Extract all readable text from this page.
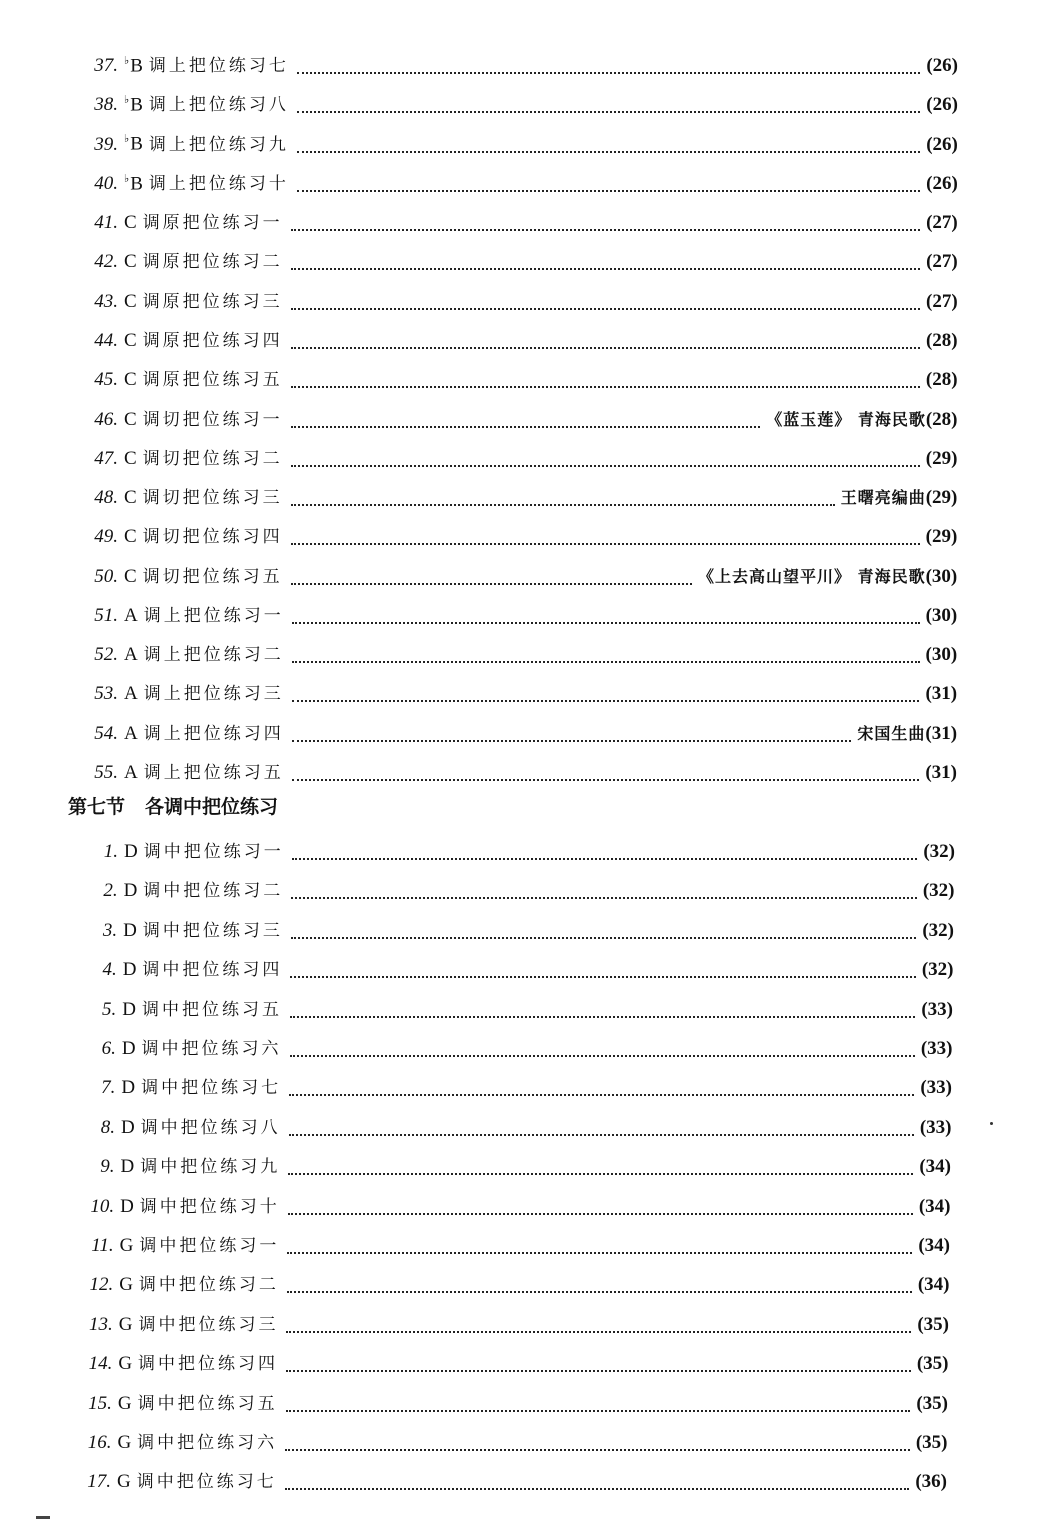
37. ♭B 调上把位练习七	(26)
38. ♭B 调上把位练习八	(26)
39. ♭B 调上把位练习九	(26)
40. ♭B 调上把位练习十	(26)
41. C 调原把位练习一	(27)
42. C 调原把位练习二	(27)
43. C 调原把位练习三	(27)
44. C 调原把位练习四	(28)
45. C 调原把位练习五	(28)
46. C 调切把位练习一	《蓝玉莲》 青海民歌 (28)
47. C 调切把位练习二	(29)
48. C 调切把位练习三	王曙亮编曲 (29)
49. C 调切把位练习四	(29)
50. C 调切把位练习五	《上去高山望平川》 青海民歌 (30)
51. A 调上把位练习一	(30)
52. A 调上把位练习二	(30)
53. A 调上把位练习三	(31)
54. A 调上把位练习四	宋国生曲 (31)
55. A 调上把位练习五	(31)
1. D 调中把位练习一	(32)
2. D 调中把位练习二	(32)
3. D 调中把位练习三	(32)
4. D 调中把位练习四	(32)
5. D 调中把位练习五	(33)
6. D 调中把位练习六	(33)
7. D 调中把位练习七	(33)
8. D 调中把位练习八	(33)
9. D 调中把位练习九	(34)
10. D 调中把位练习十	(34)
11. G 调中把位练习一	(34)
12. G 调中把位练习二	(34)
13. G 调中把位练习三	(35)
14. G 调中把位练习四	(35)
15. G 调中把位练习五	(35)
16. G 调中把位练习六	(35)
17. G 调中把位练习七	(36)
第七节 各调中把位练习
